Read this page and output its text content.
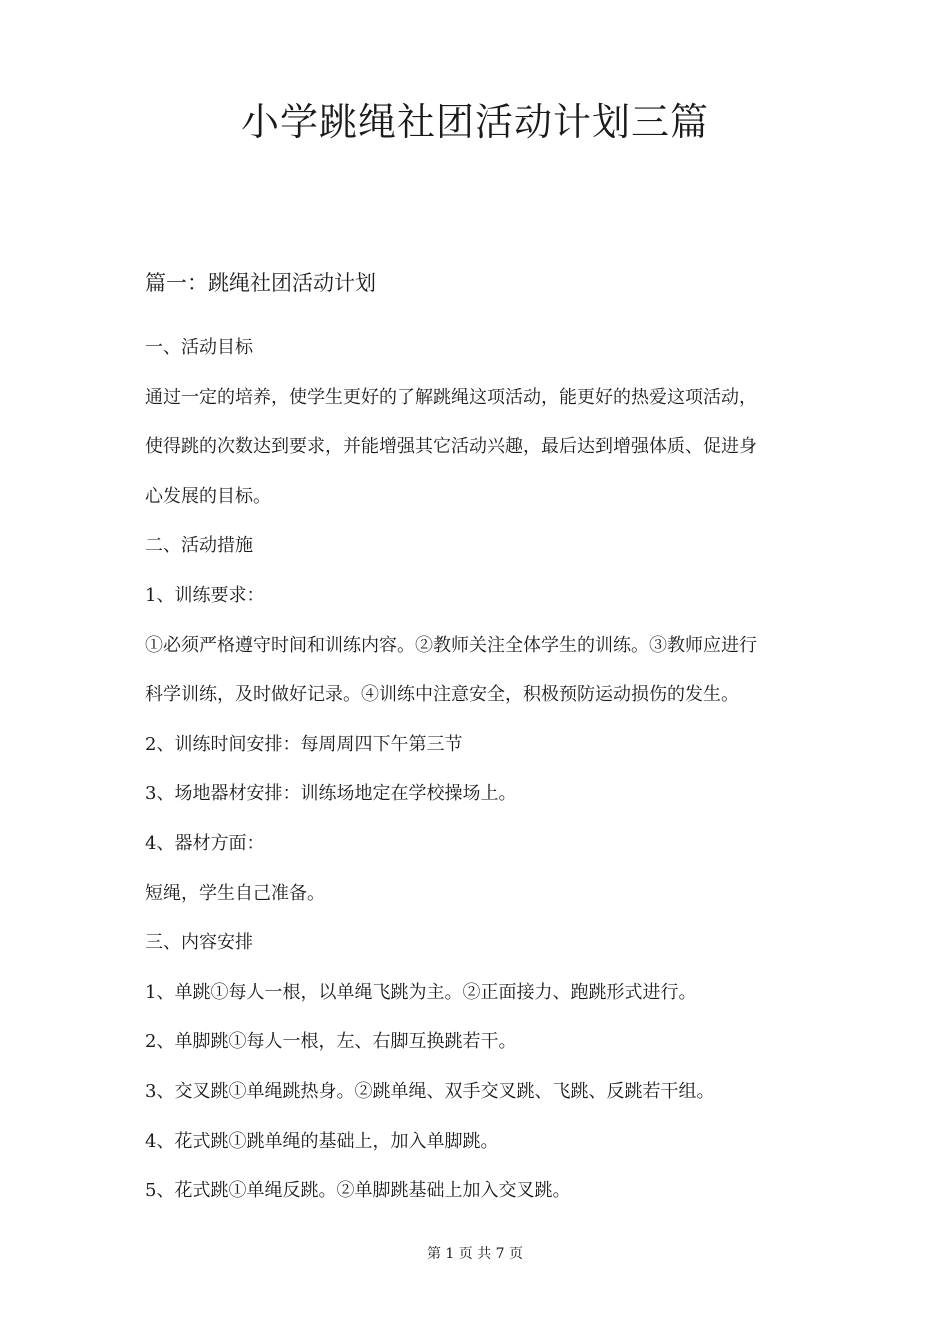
小学跳绳社团活动计划三篇
篇一：跳绳社团活动计划

一、活动目标

通过一定的培养，使学生更好的了解跳绳这项活动，能更好的热爱这项活动，

使得跳的次数达到要求，并能增强其它活动兴趣，最后达到增强体质、促进身

心发展的目标。

二、活动措施

1、训练要求：

①必须严格遵守时间和训练内容。②教师关注全体学生的训练。③教师应进行

科学训练，及时做好记录。④训练中注意安全，积极预防运动损伤的发生。

2、训练时间安排：每周周四下午第三节

3、场地器材安排：训练场地定在学校操场上。

4、器材方面：

短绳，学生自己准备。

三、内容安排

1、单跳①每人一根，以单绳飞跳为主。②正面接力、跑跳形式进行。

2、单脚跳①每人一根，左、右脚互换跳若干。

3、交叉跳①单绳跳热身。②跳单绳、双手交叉跳、飞跳、反跳若干组。

4、花式跳①跳单绳的基础上，加入单脚跳。

5、花式跳①单绳反跳。②单脚跳基础上加入交叉跳。

第 1 页 共 7 页
